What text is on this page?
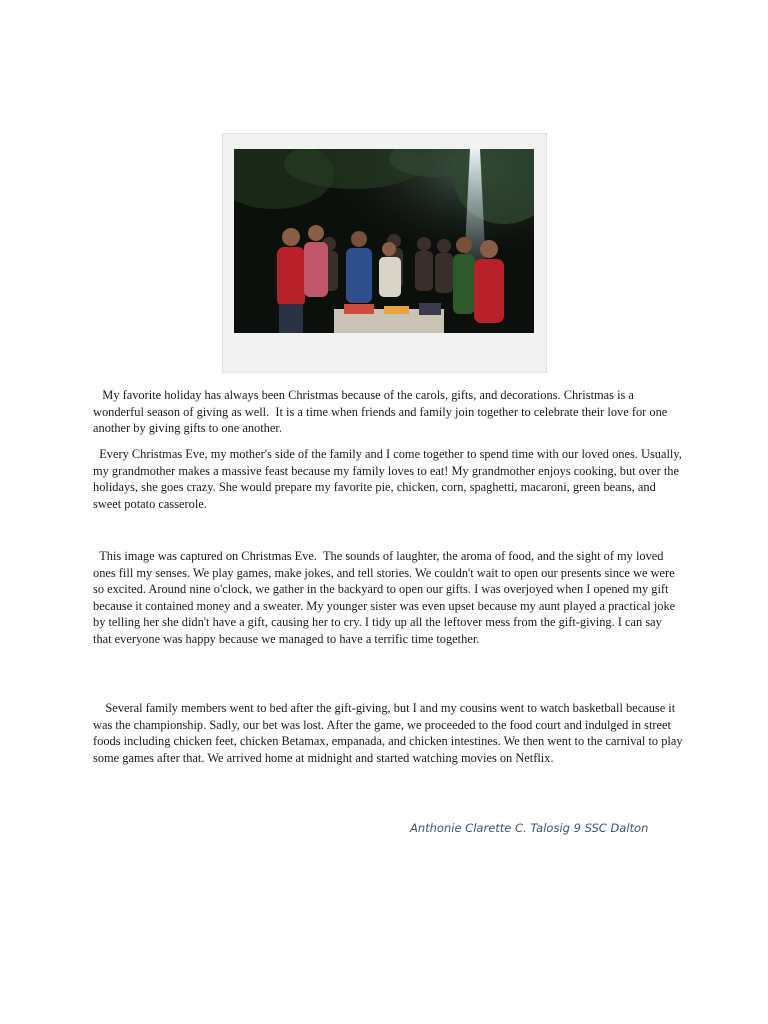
My favorite holiday has always been Christmas because of the carols, gifts, and decorations. Christmas is a wonderful season of giving as well.  It is a time when friends and family join together to celebrate their love for one another by giving gifts to one another.

Every Christmas Eve, my mother's side of the family and I come together to spend time with our loved ones. Usually, my grandmother makes a massive feast because my family loves to eat! My grandmother enjoys cooking, but over the holidays, she goes crazy. She would prepare my favorite pie, chicken, corn, spaghetti, macaroni, green beans, and sweet potato casserole.

This image was captured on Christmas Eve.  The sounds of laughter, the aroma of food, and the sight of my loved ones fill my senses. We play games, make jokes, and tell stories. We couldn't wait to open our presents since we were so excited. Around nine o'clock, we gather in the backyard to open our gifts. I was overjoyed when I opened my gift because it contained money and a sweater. My younger sister was even upset because my aunt played a practical joke by telling her she didn't have a gift, causing her to cry. I tidy up all the leftover mess from the gift-giving. I can say that everyone was happy because we managed to have a terrific time together.

Several family members went to bed after the gift-giving, but I and my cousins went to watch basketball because it was the championship. Sadly, our bet was lost. After the game, we proceeded to the food court and indulged in street foods including chicken feet, chicken Betamax, empanada, and chicken intestines. We then went to the carnival to play some games after that. We arrived home at midnight and started watching movies on Netflix.

Anthonie Clarette C. Talosig 9 SSC Dalton
